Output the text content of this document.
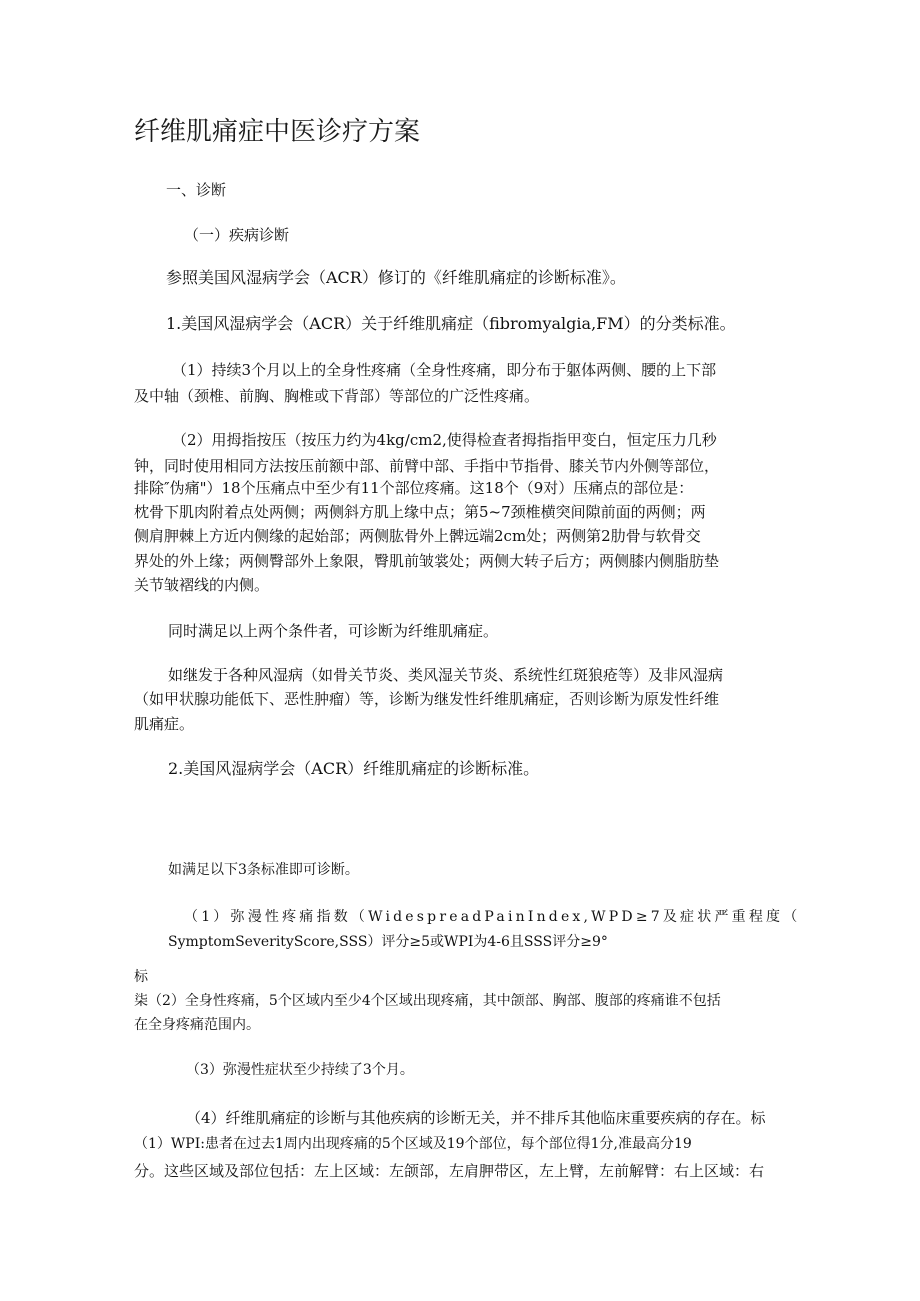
纤维肌痛症中医诊疗方案
一、诊断
（一）疾病诊断
参照美国风湿病学会（ACR）修订的《纤维肌痛症的诊断标准》。
1.美国风湿病学会（ACR）关于纤维肌痛症（fibromyalgia,FM）的分类标准。
（1）持续3个月以上的全身性疼痛（全身性疼痛，即分布于躯体两侧、腰的上下部
及中轴（颈椎、前胸、胸椎或下背部）等部位的广泛性疼痛。
（2）用拇指按压（按压力约为4kg∕cm2,使得检查者拇指指甲变白，恒定压力几秒
钟，同时使用相同方法按压前额中部、前臂中部、手指中节指骨、膝关节内外侧等部位，
排除″伪痛"）18个压痛点中至少有11个部位疼痛。这18个（9对）压痛点的部位是：
枕骨下肌肉附着点处两侧；两侧斜方肌上缘中点；第5~7颈椎横突间隙前面的两侧；两
侧肩胛棘上方近内侧缘的起始部；两侧肱骨外上髀远端2cm处；两侧第2肋骨与软骨交
界处的外上缘；两侧臀部外上象限，臀肌前皱裳处；两侧大转子后方；两侧膝内侧脂肪垫
关节皱褶线的内侧。
同时满足以上两个条件者，可诊断为纤维肌痛症。
如继发于各种风湿病（如骨关节炎、类风湿关节炎、系统性红斑狼疮等）及非风湿病
（如甲状腺功能低下、恶性肿瘤）等，诊断为继发性纤维肌痛症，否则诊断为原发性纤维
肌痛症。
2.美国风湿病学会（ACR）纤维肌痛症的诊断标准。
如满足以下3条标准即可诊断。
（1）弥漫性疼痛指数（WidespreadPainIndex,WPD≥7及症状严重程度（
SymptomSeverityScore,SSS）评分≥5或WPI为4-6且SSS评分≥9°
标
柒（2）全身性疼痛，5个区域内至少4个区域出现疼痛，其中颌部、胸部、腹部的疼痛谁不包括
在全身疼痛范围内。
（3）弥漫性症状至少持续了3个月。
（4）纤维肌痛症的诊断与其他疾病的诊断无关，并不排斥其他临床重要疾病的存在。标
（1）WPI:患者在过去1周内出现疼痛的5个区域及19个部位，每个部位得1分,准最高分19
分。这些区域及部位包括：左上区域：左颌部，左肩胛带区，左上臂，左前解臂：右上区域：右
